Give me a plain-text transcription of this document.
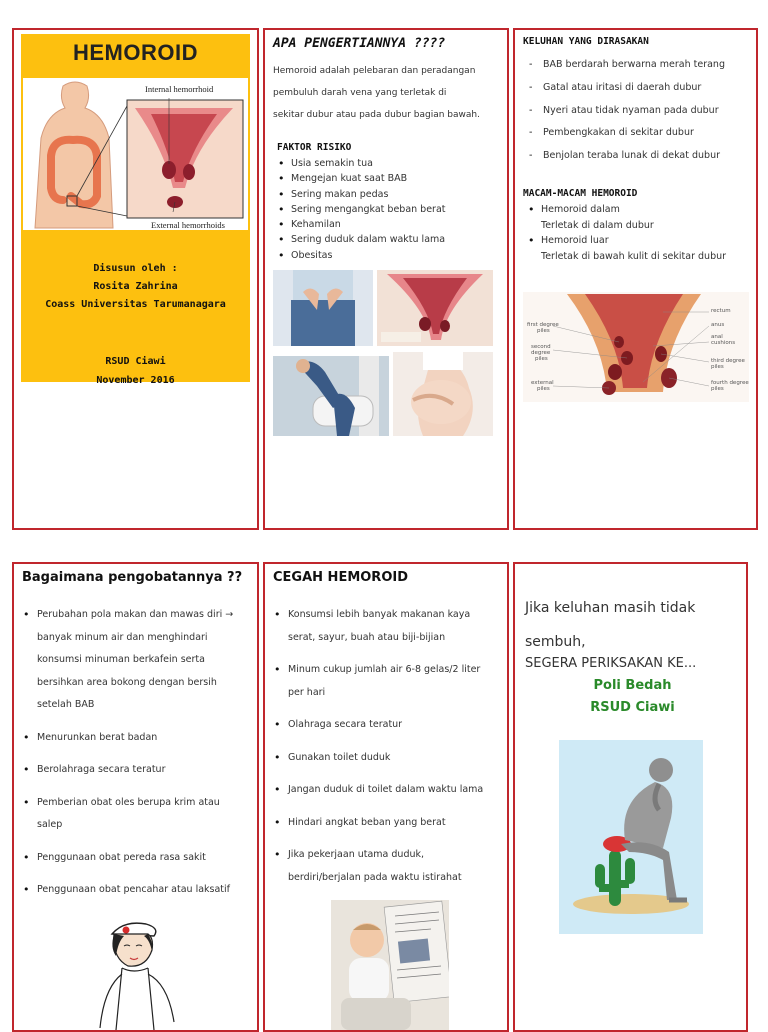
HEMOROID
Internal hemorrhoid
External hemorrhoids
Disusun oleh :
Rosita Zahrina
Coass Universitas Tarumanagara
RSUD Ciawi
November 2016
APA PENGERTIANNYA ????
Hemoroid adalah pelebaran dan peradangan
pembuluh darah vena yang terletak di
sekitar dubur atau pada dubur bagian bawah.
FAKTOR RISIKO
• Usia semakin tua
• Mengejan kuat saat BAB
• Sering makan pedas
• Sering mengangkat beban berat
• Kehamilan
• Sering duduk dalam waktu lama
• Obesitas
KELUHAN YANG DIRASAKAN
- BAB berdarah berwarna merah terang
- Gatal atau iritasi di daerah dubur
- Nyeri atau tidak nyaman pada dubur
- Pembengkakan di sekitar dubur
- Benjolan teraba lunak di dekat dubur
MACAM-MACAM HEMOROID
• Hemoroid dalam
Terletak di dalam dubur
• Hemoroid luar
Terletak di bawah kulit di sekitar dubur
first degree
piles
second
degree
piles
external
piles
rectum
anus
anal
cushions
third degree
piles
fourth degree
piles
Bagaimana pengobatannya ??
• Perubahan pola makan dan mawas diri →
banyak minum air dan menghindari
konsumsi minuman berkafein serta
bersihkan area bokong dengan bersih
setelah BAB
• Menurunkan berat badan
• Berolahraga secara teratur
• Pemberian obat oles berupa krim atau
salep
• Penggunaan obat pereda rasa sakit
• Penggunaan obat pencahar atau laksatif
CEGAH HEMOROID
• Konsumsi lebih banyak makanan kaya
serat, sayur, buah atau biji-bijian
• Minum cukup jumlah air 6-8 gelas/2 liter
per hari
• Olahraga secara teratur
• Gunakan toilet duduk
• Jangan duduk di toilet dalam waktu lama
• Hindari angkat beban yang berat
• Jika pekerjaan utama duduk,
berdiri/berjalan pada waktu istirahat
Jika keluhan masih tidak
sembuh,
SEGERA PERIKSAKAN KE...
Poli Bedah
RSUD Ciawi
